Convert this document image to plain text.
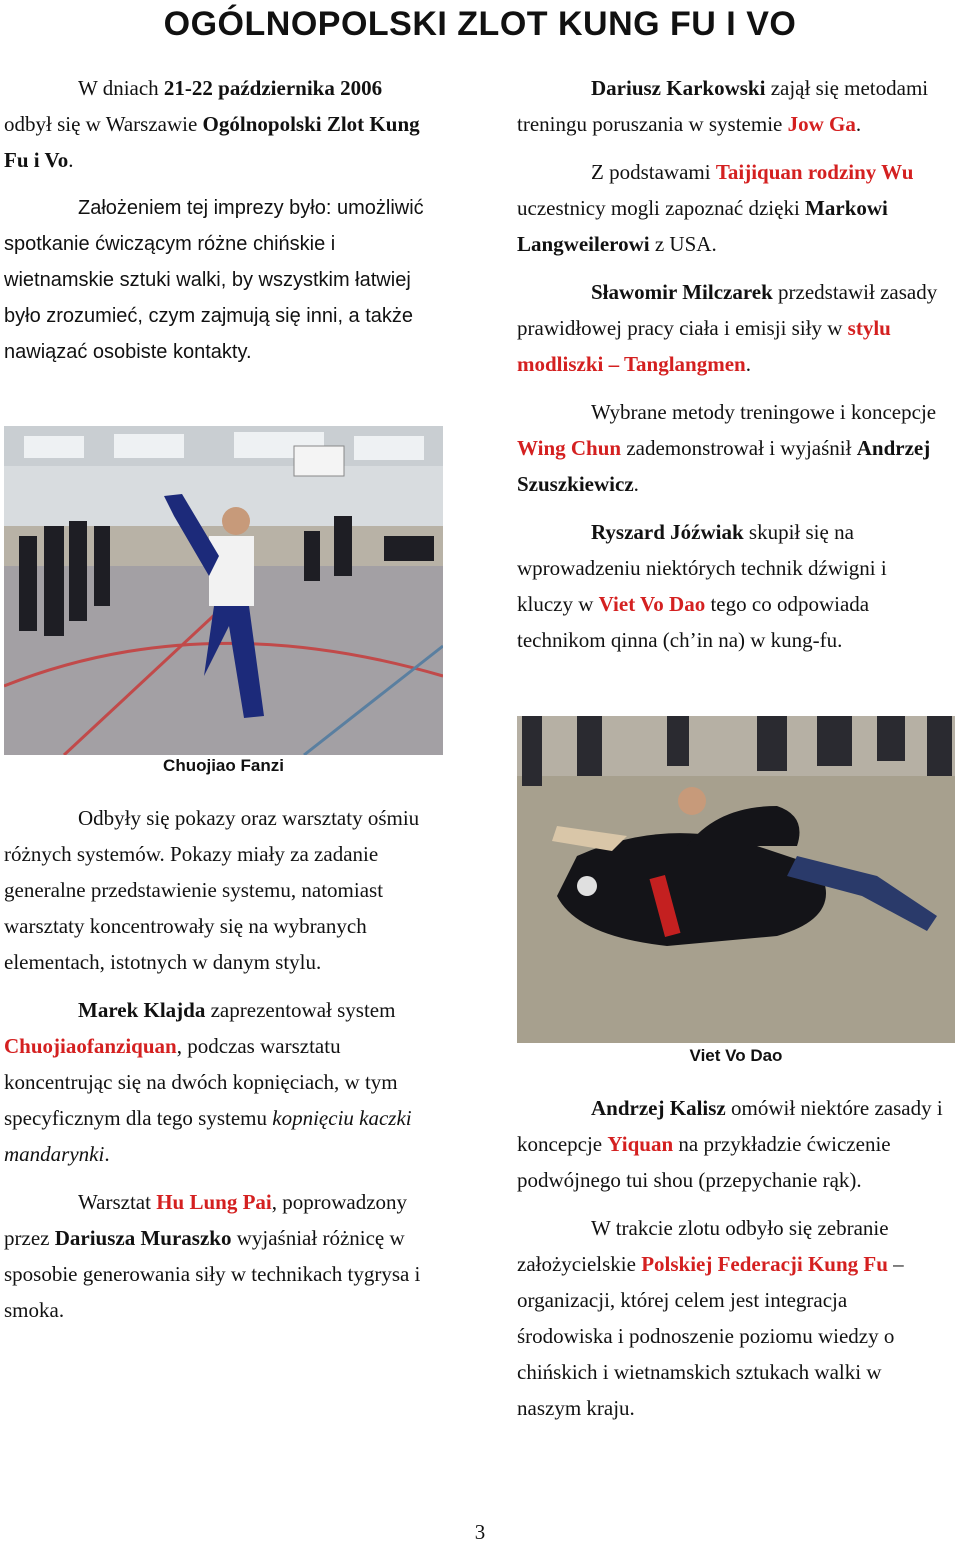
OGÓLNOPOLSKI ZLOT KUNG FU I VO

W dniach 21-22 października 2006 odbył się w Warszawie Ogólnopolski Zlot Kung Fu i Vo.

Założeniem tej imprezy było: umożliwić spotkanie ćwiczącym różne chińskie i wietnamskie sztuki walki, by wszystkim łatwiej było zrozumieć, czym zajmują się inni, a także nawiązać osobiste kontakty.

Chuojiao Fanzi

Odbyły się pokazy oraz warsztaty ośmiu różnych systemów. Pokazy miały za zadanie generalne przedstawienie systemu, natomiast warsztaty koncentrowały się na wybranych elementach, istotnych w danym stylu.

Marek Klajda zaprezentował system Chuojiaofanziquan, podczas warsztatu koncentrując się na dwóch kopnięciach, w tym specyficznym dla tego systemu kopnięciu kaczki mandarynki.

Warsztat Hu Lung Pai, poprowadzony przez Dariusza Muraszko wyjaśniał różnicę w sposobie generowania siły w technikach tygrysa i smoka.

Dariusz Karkowski zajął się metodami treningu poruszania w systemie Jow Ga.

Z podstawami Taijiquan rodziny Wu uczestnicy mogli zapoznać dzięki Markowi Langweilerowi z USA.

Sławomir Milczarek przedstawił zasady prawidłowej pracy ciała i emisji siły w stylu modliszki – Tanglangmen.

Wybrane metody treningowe i koncepcje Wing Chun zademonstrował i wyjaśnił Andrzej Szuszkiewicz.

Ryszard Jóźwiak skupił się na wprowadzeniu niektórych technik dźwigni i kluczy w Viet Vo Dao tego co odpowiada technikom qinna (ch’in na) w kung-fu.

Viet Vo Dao

Andrzej Kalisz omówił niektóre zasady i koncepcje Yiquan na przykładzie ćwiczenie podwójnego tui shou (przepychanie rąk).

W trakcie zlotu odbyło się zebranie założycielskie Polskiej Federacji Kung Fu – organizacji, której celem jest integracja środowiska i podnoszenie poziomu wiedzy o chińskich i wietnamskich sztukach walki w naszym kraju.

3
